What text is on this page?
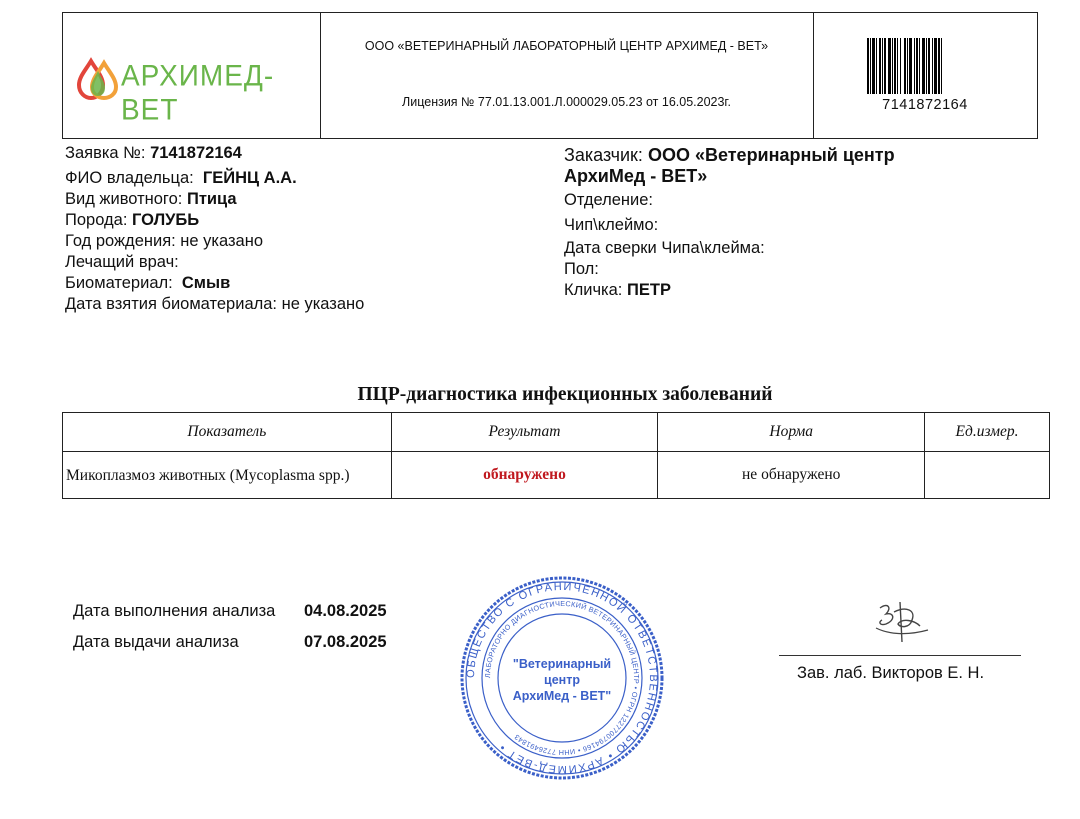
АРХИМЕД-ВЕТ
ООО «ВЕТЕРИНАРНЫЙ ЛАБОРАТОРНЫЙ ЦЕНТР АРХИМЕД - ВЕТ»
Лицензия № 77.01.13.001.Л.000029.05.23 от 16.05.2023г.	7141872164
Заявка №: 7141872164
ФИО владельца: ГЕЙНЦ А.А.
Вид животного: Птица
Порода: ГОЛУБЬ
Год рождения: не указано
Лечащий врач:
Биоматериал: Смыв
Дата взятия биоматериала: не указано
Заказчик: ООО «Ветеринарный центр
АрхиМед - ВЕТ»
Отделение:
Чип\клеймо:
Дата сверки Чипа\клейма:
Пол:
Кличка: ПЕТР
ПЦР-диагностика инфекционных заболеваний
Показатель	Результат	Норма	Ед.измер.
Микоплазмоз животных (Mycoplasma spp.)	обнаружено	не обнаружено	
Дата выполнения анализа 04.08.2025
Дата выдачи анализа	07.08.2025
ОБЩЕСТВО С ОГРАНИЧЕННОЙ ОТВЕТСТВЕННОСТЬЮ • АРХИМЕД-ВЕТ •
ЛАБОРАТОРНО ДИАГНОСТИЧЕСКИЙ ВЕТЕРИНАРНЫЙ ЦЕНТР • ОГРН 1227700794166 • ИНН 7726491843
"Ветеринарный
центр
АрхиМед - ВЕТ"
Зав. лаб. Викторов Е. Н.
